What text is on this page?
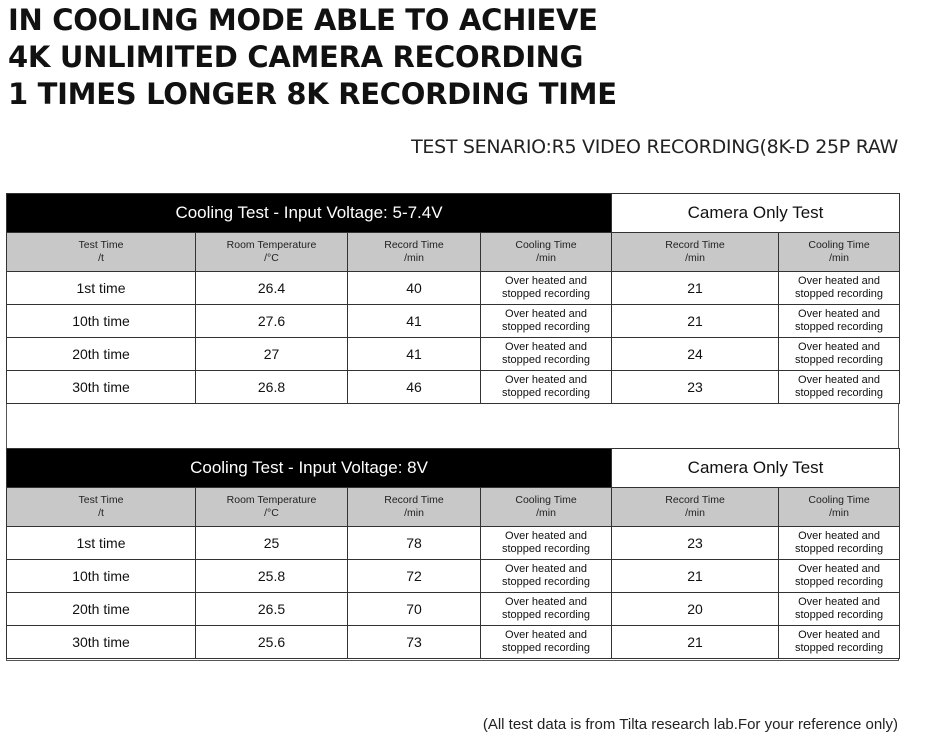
IN COOLING MODE ABLE TO ACHIEVE
4K UNLIMITED CAMERA RECORDING
1 TIMES LONGER 8K RECORDING TIME
TEST SENARIO:R5 VIDEO RECORDING(8K-D 25P RAW
Cooling Test - Input Voltage: 5-7.4V				Camera Only Test	

Test Time
/t	Room Temperature
/°C	Record Time
/min	Cooling Time
/min	Record Time
/min	Cooling Time
/min

1st time	26.4	40	Over heated and
stopped recording	21	Over heated and
stopped recording

10th time	27.6	41	Over heated and
stopped recording	21	Over heated and
stopped recording

20th time	27	41	Over heated and
stopped recording	24	Over heated and
stopped recording

30th time	26.8	46	Over heated and
stopped recording	23	Over heated and
stopped recording
Cooling Test - Input Voltage: 8V				Camera Only Test	

Test Time
/t	Room Temperature
/°C	Record Time
/min	Cooling Time
/min	Record Time
/min	Cooling Time
/min

1st time	25	78	Over heated and
stopped recording	23	Over heated and
stopped recording

10th time	25.8	72	Over heated and
stopped recording	21	Over heated and
stopped recording

20th time	26.5	70	Over heated and
stopped recording	20	Over heated and
stopped recording

30th time	25.6	73	Over heated and
stopped recording	21	Over heated and
stopped recording
(All test data is from Tilta research lab.For your reference only)
